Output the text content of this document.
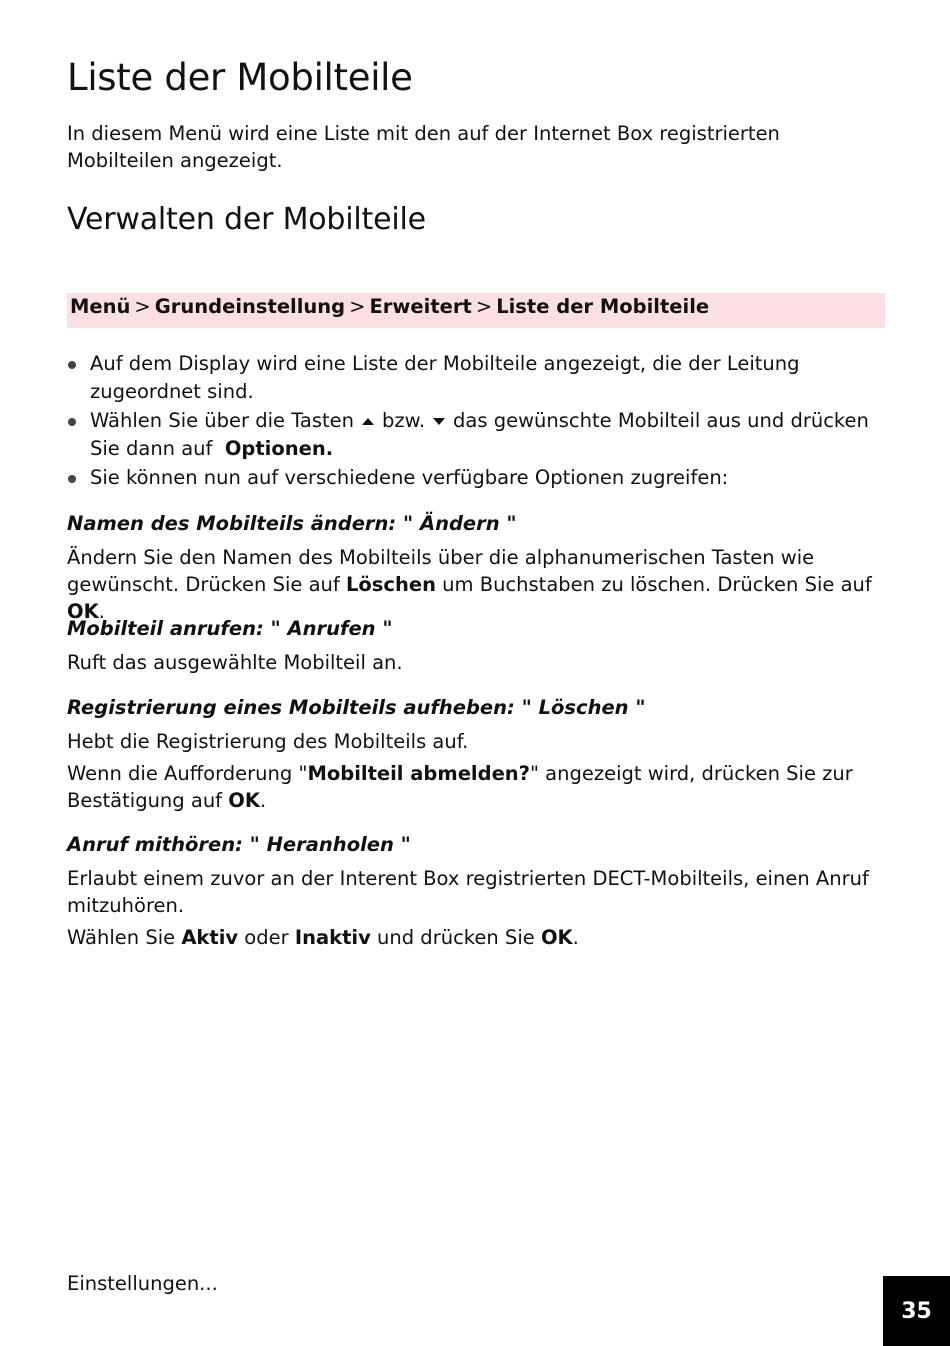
Liste der Mobilteile

In diesem Menü wird eine Liste mit den auf der Internet Box registrierten Mobilteilen angezeigt.

Verwalten der Mobilteile
Menü > Grundeinstellung > Erweitert > Liste der Mobilteile
Auf dem Display wird eine Liste der Mobilteile angezeigt, die der Leitung zugeordnet sind.
Wählen Sie über die Tasten bzw. das gewünschte Mobilteil aus und drücken Sie dann auf Optionen.
Sie können nun auf verschiedene verfügbare Optionen zugreifen:
Namen des Mobilteils ändern: " Ändern "

Ändern Sie den Namen des Mobilteils über die alphanumerischen Tasten wie gewünscht. Drücken Sie auf Löschen um Buchstaben zu löschen. Drücken Sie auf OK.

Mobilteil anrufen: " Anrufen "

Ruft das ausgewählte Mobilteil an.

Registrierung eines Mobilteils aufheben: " Löschen "

Hebt die Registrierung des Mobilteils auf.

Wenn die Aufforderung "Mobilteil abmelden?" angezeigt wird, drücken Sie zur Bestätigung auf OK.

Anruf mithören: " Heranholen "

Erlaubt einem zuvor an der Interent Box registrierten DECT-Mobilteils, einen Anruf mitzuhören.

Wählen Sie Aktiv oder Inaktiv und drücken Sie OK.

Einstellungen...
35
